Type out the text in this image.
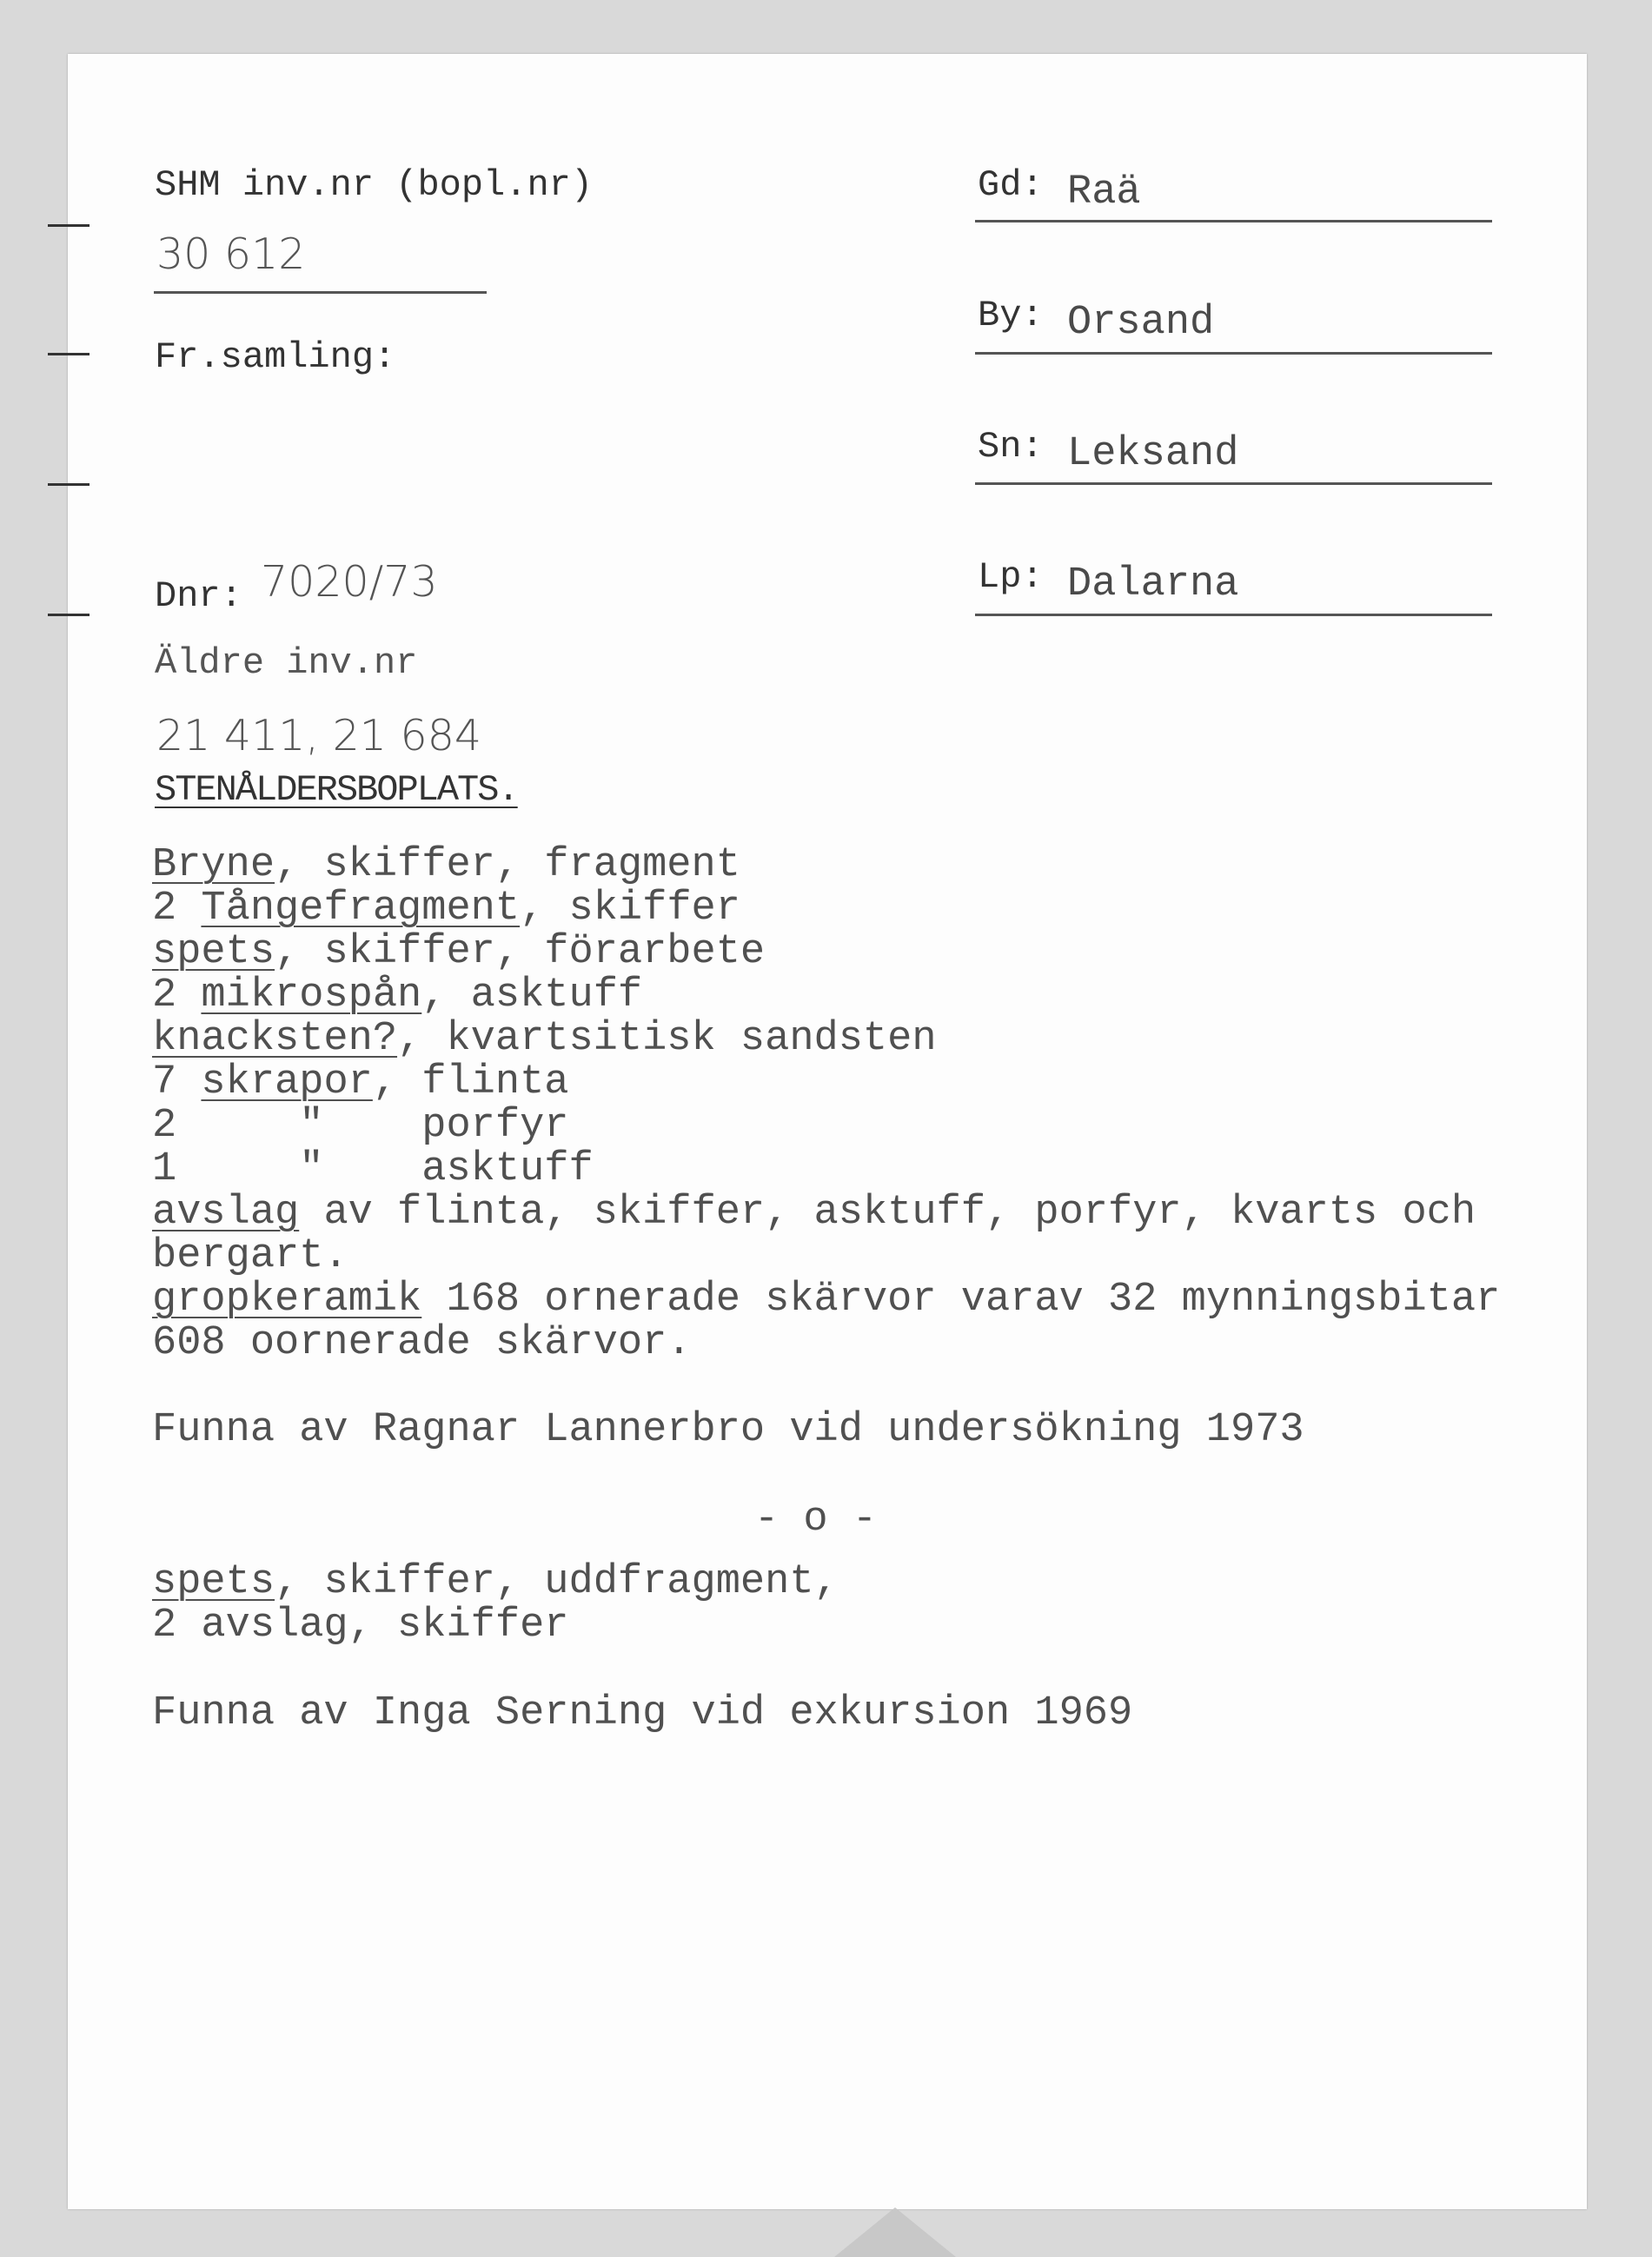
SHM inv.nr (bopl.nr)
30 612
Fr.samling:
Dnr: 7020/73
Äldre inv.nr
21 411, 21 684
Gd: Raä
By: Orsand
Sn: Leksand
Lp: Dalarna
STENÅLDERSBOPLATS.
Bryne, skiffer, fragment
2 Tångefragment, skiffer
spets, skiffer, förarbete
2 mikrospån, asktuff
knacksten?, kvartsitisk sandsten
7 skrapor, flinta
2     "    porfyr
1     "    asktuff
avslag av flinta, skiffer, asktuff, porfyr, kvarts och
bergart.
gropkeramik 168 ornerade skärvor varav 32 mynningsbitar
608 oornerade skärvor.
Funna av Ragnar Lannerbro vid undersökning 1973
- o -
spets, skiffer, uddfragment,
2 avslag, skiffer
Funna av Inga Serning vid exkursion 1969
